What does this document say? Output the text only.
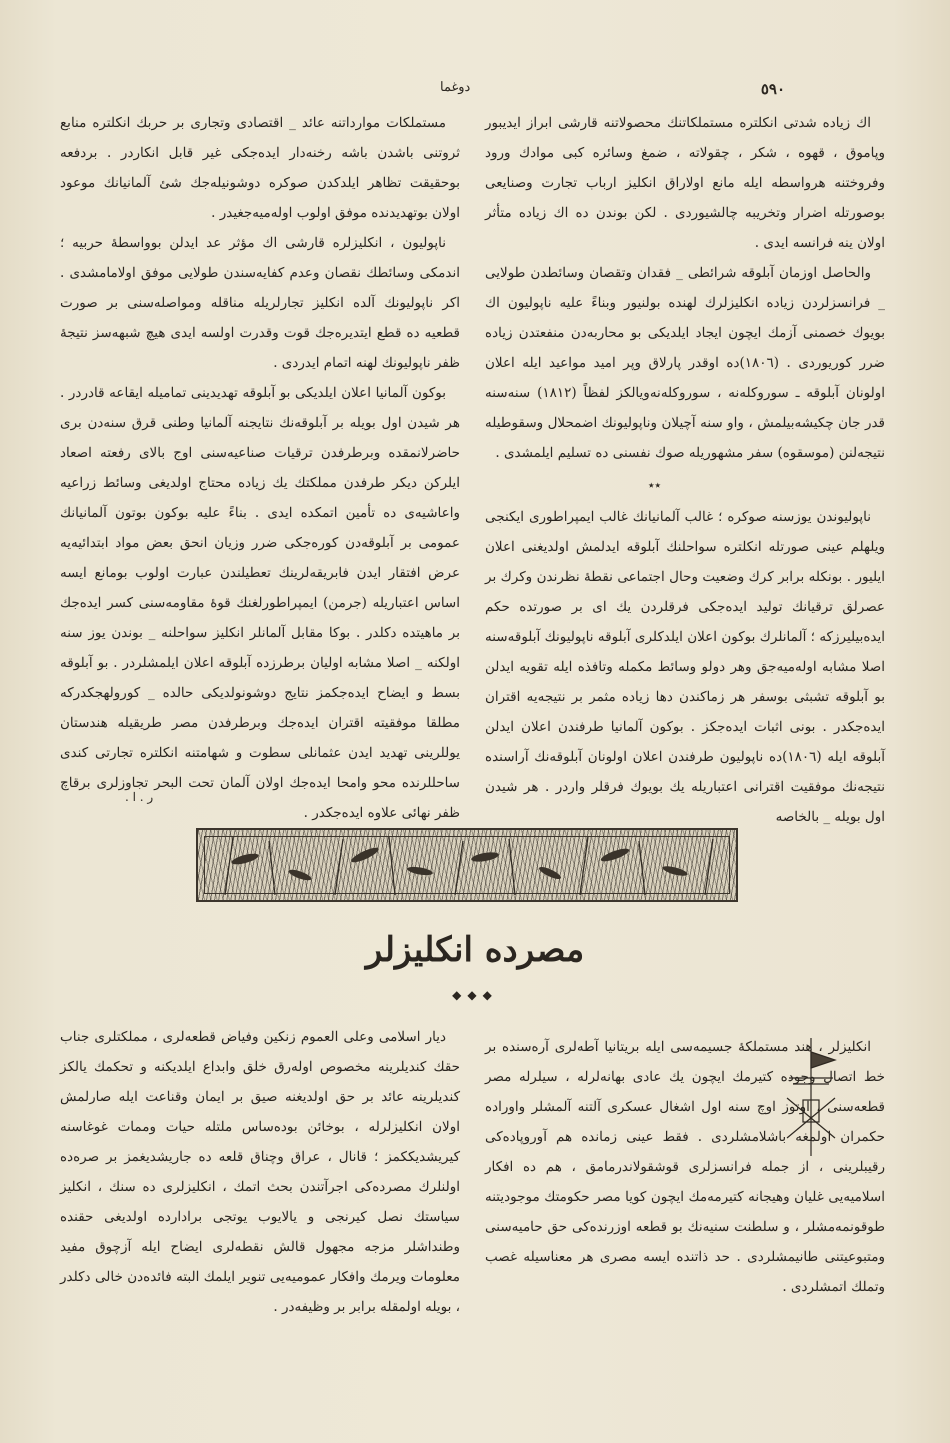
٥٩٠
دوغما

اك زياده شدتى انكلتره مستملكاتنك محصولاتنه قارشى ابراز ايديبور وپاموق ، قهوه ، شكر ، چقولاته ، ضمغ وسائره كبى موادك ورود وفروختنه هرواسطه ايله مانع اولاراق انكليز ارباب تجارت وصنايعى بوصورتله اضرار وتخريبه چالشيوردى . لكن بوندن ده اك زياده متأثر اولان ينه فرانسه ايدى .

والحاصل اوزمان آبلوقه شرائطى _ فقدان وتقصان وسائطدن طولايى _ فرانسزلردن زياده انكليزلرك لهنده بولنيور وبناءً عليه ناپوليون اك بويوك خصمنى آزمك ايچون ايجاد ايلديكى بو محاربه‌دن منفعتدن زياده ضرر كوريوردى . (١٨٠٦)ده اوقدر پارلاق وپر اميد مواعيد ايله اعلان اولونان آبلوقه ـ سوروكله‌نه ، سوروكله‌نه‌ويالكز لفظاً (١٨١٢) سنه‌سنه قدر جان چكيشه‌بيلمش ، واو سنه آچيلان وناپوليونك اضمحلال وسقوطيله نتيجه‌لنن (موسقوه) سفر مشهوريله صوك نفسنى ده تسليم ايلمشدى .

ناپوليوندن يوزسنه صوكره ؛ غالب آلمانيانك غالب ايمپراطورى ايكنجى ويلهلم عينى صورتله انكلتره سواحلنك آبلوقه ايدلمش اولديغنى اعلان ايليور . بونكله برابر كرك وضعيت وحال اجتماعى نقطۀ نظرندن وكرك بر عصرلق ترقيانك توليد ايده‌جكى فرقلردن يك اى بر صورتده حكم ايده‌بيليرزكه ؛ آلمانلرك بوكون اعلان ايلدكلرى آبلوقه ناپوليونك آبلوقه‌سنه اصلا مشابه اوله‌ميه‌جق وهر دولو وسائط مكمله وتافذه ايله تقويه ايدلن بو آبلوقه تشبثى بوسفر هر زماكندن دها زياده مثمر بر نتيجه‌يه اقتران ايده‌جكدر . بونى اثبات ايده‌جكز . بوكون آلمانيا طرفندن اعلان ايدلن آبلوقه ايله (١٨٠٦)ده ناپوليون طرفندن اعلان اولونان آبلوقه‌نك آراسنده نتيجه‌نك موفقيت اقترانى اعتباريله يك بويوك فرقلر واردر . هر شيدن اول بويله _ بالخاصه

٭٭

مستملكات موارداتنه عائد _ اقتصادى وتجارى بر حربك انكلتره منابع ثروتنى باشدن باشه رخنه‌دار ايده‌جكى غير قابل انكاردر . بردفعه بوحقيقت تظاهر ايلدكدن صوكره دوشونيله‌جك شئ آلمانيانك موعود اولان بوتهديدنده موفق اولوب اوله‌ميه‌جغيدر .

ناپوليون ، انكليزلره قارشى اك مؤثر عد ايدلن بوواسطۀ حربيه ؛ اندمكى وسائطك نقصان وعدم كفايه‌سندن طولايى موفق اولامامشدى . اكر ناپوليونك آلده انكليز تجارلريله مناقله ومواصله‌سنى بر صورت قطعيه ده قطع ايتديره‌جك قوت وقدرت اولسه ايدى هيچ شبهه‌سز نتيجۀ ظفر ناپوليونك لهنه اتمام ايدردى .

بوكون آلمانيا اعلان ايلديكى بو آبلوقه تهديدينى تماميله ايقاعه قادردر . هر شيدن اول بويله بر آبلوقه‌نك نتايجنه آلمانيا وطنى قرق سنه‌دن برى حاضرلانمقده وبرطرفدن ترقيات صناعيه‌سنى اوج بالاى رفعته اصعاد ايلركن ديكر طرفدن مملكتك يك زياده محتاج اولديغى وسائط زراعيه واعاشيه‌ى ده تأمين اتمكده ايدى . بناءً عليه بوكون بوتون آلمانيانك عمومى بر آبلوقه‌دن كوره‌جكى ضرر وزيان انحق بعض مواد ابتدائيه‌يه عرض افتقار ايدن فابريقه‌لرينك تعطيلندن عبارت اولوب بومانع ايسه اساس اعتباريله (جرمن) ايمپراطورلغنك قوۀ مقاومه‌سنى كسر ايده‌جك بر ماهيتده دكلدر . بوكا مقابل آلمانلر انكليز سواحلنه _ بوندن يوز سنه اولكنه _ اصلا مشابه اوليان برطرزده آبلوقه اعلان ايلمشلردر . بو آبلوقه بسط و ايضاح ايده‌جكمز نتايج دوشونولديكى حالده _ كورولهجكدركه مطلقا موفقيته اقتران ايده‌جك وبرطرفدن مصر طريقيله هندستان يوللرينى تهديد ايدن عثمانلى سطوت و شهامتنه انكلتره تجارتى كندى ساحللرنده محو وامحا ايده‌جك اولان آلمان تحت البحر تجاوزلرى برقاچ ظفر نهائى علاوه ايده‌جكدر .

. ر . ا
مصرده انكليزلر
◆◆◆

انكليزلر ، هند مستملكۀ جسيمه‌سى ايله بريتانيا آطه‌لرى آره‌سنده بر خط اتصال وجوده كتيرمك ايچون يك عادى بهانه‌لرله ، سيلرله مصر قطعه‌سنى ، اوتوز اوچ سنه اول اشغال عسكرى آلتنه آلمشلر واوراده حكمران اولمغه باشلامشلردى . فقط عينى زمانده هم آوروپاده‌كى رقيبلرينى ، از جمله فرانسزلرى قوشقولاندرمامق ، هم ده افكار اسلاميه‌يى غليان وهيجانه كتيرمه‌مك ايچون كويا مصر حكومتك موجوديتنه طوقونمه‌مشلر ، و سلطنت سنيه‌نك بو قطعه اوزرنده‌كى حق حاميه‌سنى ومتبوعيتنى طانيمشلردى . حد ذاتنده ايسه مصرى هر معناسيله غصب وتملك اتمشلردى .

ديار اسلامى وعلى العموم زنكين وفياض قطعه‌لرى ، مملكتلرى جناب حقك كنديلرينه مخصوص اوله‌رق خلق وابداع ايلديكنه و تحكمك يالكز كنديلرينه عائد بر حق اولديغنه صيق بر ايمان وقناعت ايله صارلمش اولان انكليزلرله ، بوخائن بوده‌ساس ملتله حيات وممات غوغاسنه كيريشديككمز ؛ قانال ، عراق وچناق قلعه ده جاريشديغمز بر صره‌ده اولنلرك مصرده‌كى اجرآتندن بحث اتمك ، انكليزلرى ده سنك ، انكليز سياستك نصل كيرنجى و يالايوب يوتجى برادارده اولديغى حقنده وطنداشلر مزجه مجهول قالش نقطه‌لرى ايضاح ايله آزچوق مفيد معلومات ويرمك وافكار عموميه‌يى تنوير ايلمك البته فائده‌دن خالى دكلدر ، بويله اولمقله برابر بر وظيفه‌در .
